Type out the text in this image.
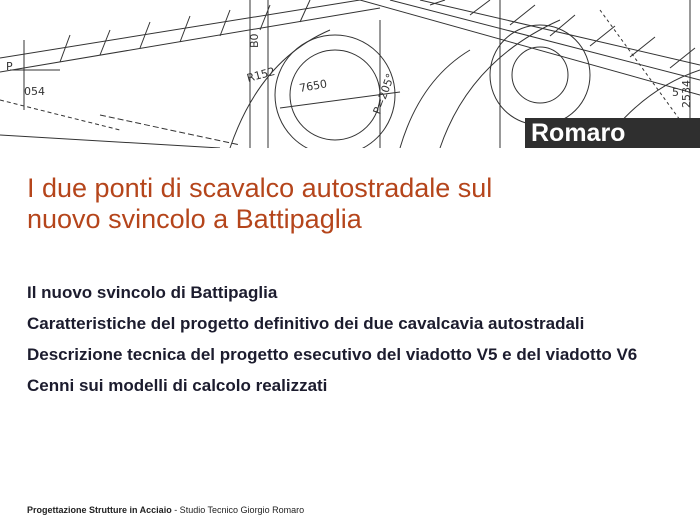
054
R152
7650	P=205°	2534
5
B0
P
Romaro
I due ponti di scavalco autostradale sul
nuovo svincolo a Battipaglia
Il nuovo svincolo di Battipaglia
Caratteristiche del progetto definitivo dei due cavalcavia autostradali
Descrizione tecnica del progetto esecutivo del viadotto V5 e del viadotto V6
Cenni sui modelli di calcolo realizzati
Progettazione Strutture in Acciaio - Studio Tecnico Giorgio Romaro
